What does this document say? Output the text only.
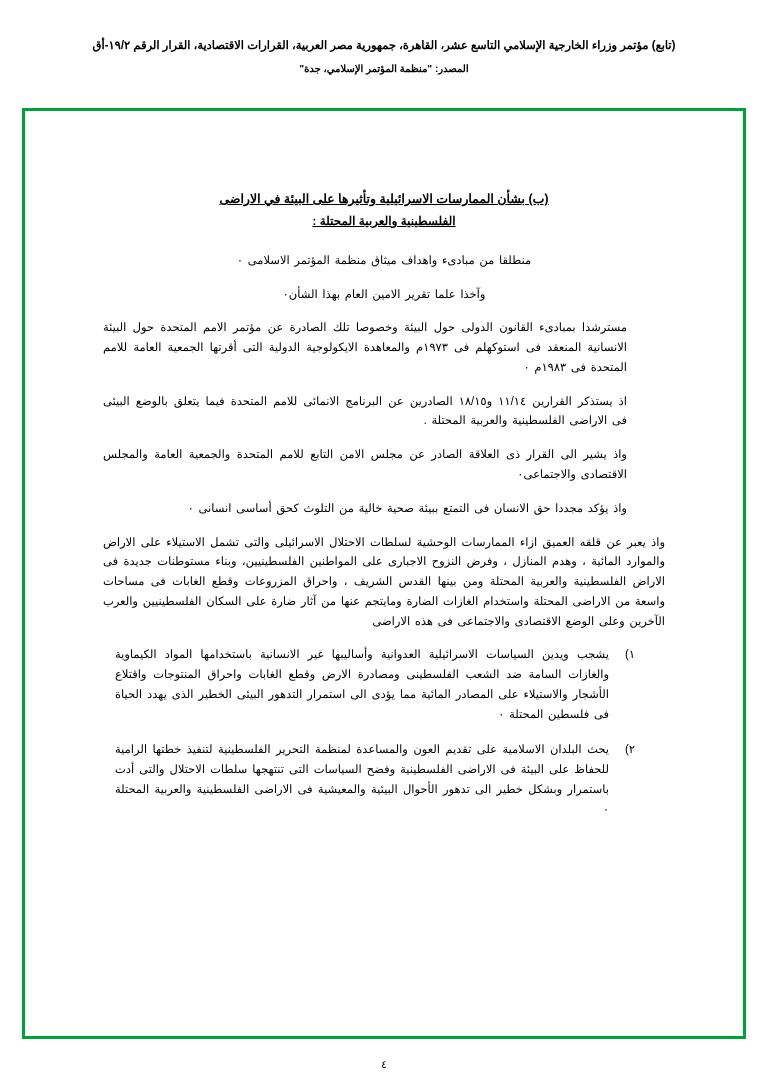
(تابع) مؤتمر وزراء الخارجية الإسلامي التاسع عشر، القاهرة، جمهورية مصر العربية، القرارات الاقتصادية، القرار الرقم ١٩/٢-أق
المصدر: "منظمة المؤتمر الإسلامي، جدة"
(ب) بشأن الممارسات الاسرائيلية وتأثيرها على البيئة في الاراضى
الفلسطينية والعربية المحتلة :

منطلقا من مبادىء واهداف ميثاق منظمة المؤتمر الاسلامى ٠

وآخذا علما تقرير الامين العام بهذا الشأن٠

مسترشدا بمبادىء القانون الدولى حول البيئة وخصوصا تلك الصادرة عن مؤتمر الامم المتحدة حول البيئة الانسانية المنعقد فى استوكهلم فى ١٩٧٣م والمعاهدة الايكولوجية الدولية التى أقرتها الجمعية العامة للامم المتحدة فى ١٩٨٣م ٠

اذ يستذكر القرارين ١١/١٤ و١٨/١٥ الصادرين عن البرنامج الانمائى للامم المتحدة فيما يتعلق بالوضع البيئى فى الاراضى الفلسطينية والعربية المحتلة .

واذ يشير الى القرار ذى العلاقة الصادر عن مجلس الامن التابع للامم المتحدة والجمعية العامة والمجلس الاقتصادى والاجتماعى٠

واذ يؤكد مجددا حق الانسان فى التمتع ببيئة صحية خالية من التلوث كحق أساسى انسانى ٠

واذ يعبر عن قلقه العميق ازاء الممارسات الوحشية لسلطات الاحتلال الاسرائيلى والتى تشمل الاستيلاء على الاراض والموارد المائية ، وهدم المنازل ، وفرض النزوح الاجبارى على المواطنين الفلسطينيين، وبناء مستوطنات جديدة فى الاراض الفلسطينية والعربية المحتلة ومن بينها القدس الشريف ، واحراق المزروعات وقطع الغابات فى مساحات واسعة من الاراضى المحتلة واستخدام الغازات الضارة ومايتجم عنها من آثار ضارة على السكان الفلسطينيين والعرب الآخرين وعلى الوضع الاقتصادى والاجتماعى فى هذه الاراضى

١)
يشجب ويدين السياسات الاسرائيلية العدوانية وأساليبها غير الانسانية باستخدامها المواد الكيماوية والغازات السامة ضد الشعب الفلسطينى ومصادرة الارض وقطع الغابات واحراق المنتوجات واقتلاع الأشجار والاستيلاء على المصادر المائية مما يؤدى الى استمرار التدهور البيئى الخطير الذى يهدد الحياة فى فلسطين المحتلة ٠
٢)
يحث البلدان الاسلامية على تقديم العون والمساعدة لمنظمة التحرير الفلسطينية لتنفيذ خطتها الرامية للحفاظ على البيئة فى الاراضى الفلسطينية وفضح السياسات التى تنتهجها سلطات الاحتلال والتى أدت باستمرار وبشكل خطير الى تدهور الأحوال البيئية والمعيشية فى الاراضى الفلسطينية والعربية المحتلة ٠
٤
